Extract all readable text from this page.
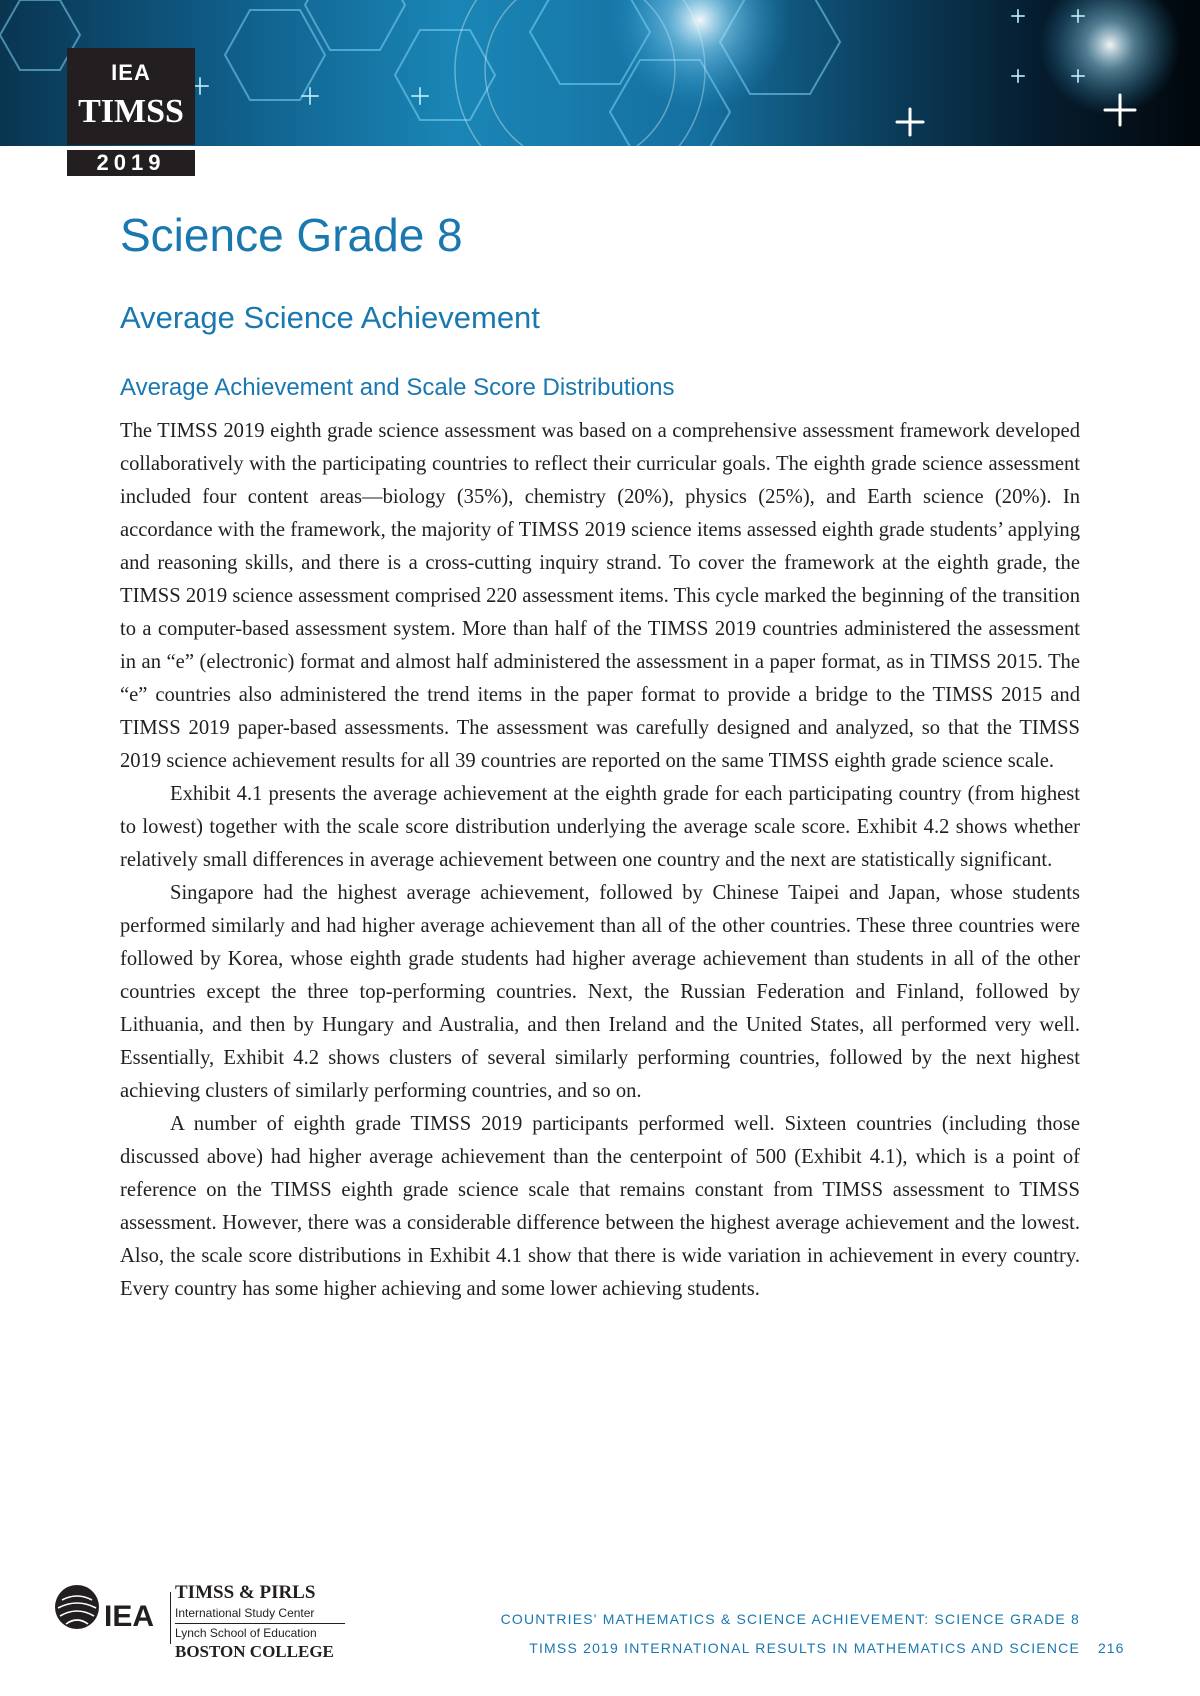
IEA
TIMSS
2019
Science Grade 8
Average Science Achievement
Average Achievement and Scale Score Distributions

The TIMSS 2019 eighth grade science assessment was based on a comprehensive assessment framework developed collaboratively with the participating countries to reflect their curricular goals. The eighth grade science assessment included four content areas—biology (35%), chemistry (20%), physics (25%), and Earth science (20%). In accordance with the framework, the majority of TIMSS 2019 science items assessed eighth grade students’ applying and reasoning skills, and there is a cross-cutting inquiry strand. To cover the framework at the eighth grade, the TIMSS 2019 science assessment comprised 220 assessment items. This cycle marked the beginning of the transition to a computer-based assessment system. More than half of the TIMSS 2019 countries administered the assessment in an “e” (electronic) format and almost half administered the assessment in a paper format, as in TIMSS 2015. The “e” countries also administered the trend items in the paper format to provide a bridge to the TIMSS 2015 and TIMSS 2019 paper-based assessments. The assessment was carefully designed and analyzed, so that the TIMSS 2019 science achievement results for all 39 countries are reported on the same TIMSS eighth grade science scale.

Exhibit 4.1 presents the average achievement at the eighth grade for each participating country (from highest to lowest) together with the scale score distribution underlying the average scale score. Exhibit 4.2 shows whether relatively small differences in average achievement between one country and the next are statistically significant.

Singapore had the highest average achievement, followed by Chinese Taipei and Japan, whose students performed similarly and had higher average achievement than all of the other countries. These three countries were followed by Korea, whose eighth grade students had higher average achievement than students in all of the other countries except the three top-performing countries. Next, the Russian Federation and Finland, followed by Lithuania, and then by Hungary and Australia, and then Ireland and the United States, all performed very well. Essentially, Exhibit 4.2 shows clusters of several similarly performing countries, followed by the next highest achieving clusters of similarly performing countries, and so on.

A number of eighth grade TIMSS 2019 participants performed well. Sixteen countries (including those discussed above) had higher average achievement than the centerpoint of 500 (Exhibit 4.1), which is a point of reference on the TIMSS eighth grade science scale that remains constant from TIMSS assessment to TIMSS assessment. However, there was a considerable difference between the highest average achievement and the lowest. Also, the scale score distributions in Exhibit 4.1 show that there is wide variation in achievement in every country. Every country has some higher achieving and some lower achieving students.

IEA
TIMSS & PIRLS
International Study Center
Lynch School of Education
BOSTON COLLEGE
COUNTRIES' MATHEMATICS & SCIENCE ACHIEVEMENT: SCIENCE GRADE 8
TIMSS 2019 INTERNATIONAL RESULTS IN MATHEMATICS AND SCIENCE 216
